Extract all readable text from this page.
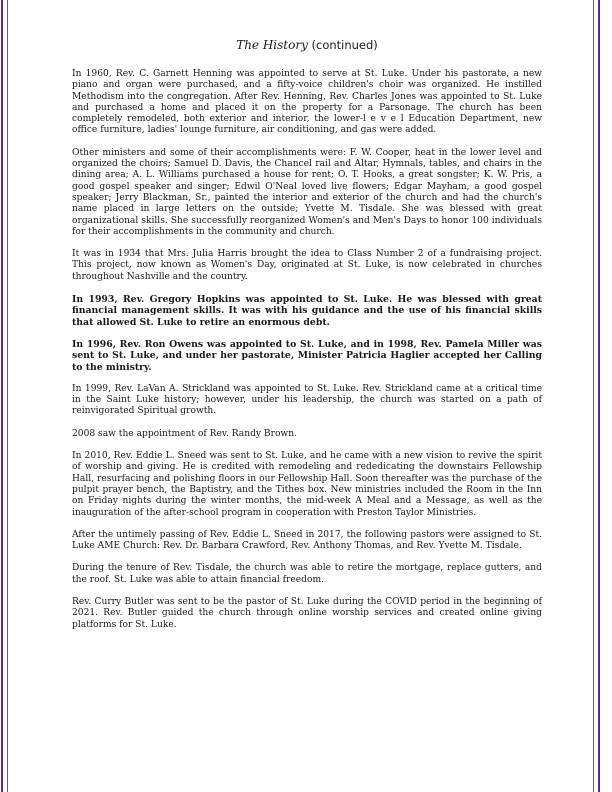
The History (continued)

In 1960, Rev. C. Garnett Henning was appointed to serve at St. Luke. Under his pastorate, a new piano and organ were purchased, and a fifty-voice children's choir was organized. He instilled Methodism into the congregation. After Rev. Henning, Rev. Charles Jones was appointed to St. Luke and purchased a home and placed it on the property for a Parsonage. The church has been completely remodeled, both exterior and interior, the lower-l e v e l Education Department, new office furniture, ladies' lounge furniture, air conditioning, and gas were added.

Other ministers and some of their accomplishments were: F. W. Cooper, heat in the lower level and organized the choirs; Samuel D. Davis, the Chancel rail and Altar, Hymnals, tables, and chairs in the dining area; A. L. Williams purchased a house for rent; O. T. Hooks, a great songster; K. W. Pris, a good gospel speaker and singer; Edwil O'Neal loved live flowers; Edgar Mayham, a good gospel speaker; Jerry Blackman, Sr., painted the interior and exterior of the church and had the church's name placed in large letters on the outside; Yvette M. Tisdale. She was blessed with great organizational skills. She successfully reorganized Women's and Men's Days to honor 100 individuals for their accomplishments in the community and church.

It was in 1934 that Mrs. Julia Harris brought the idea to Class Number 2 of a fundraising project. This project, now known as Women's Day, originated at St. Luke, is now celebrated in churches throughout Nashville and the country.

In 1993, Rev. Gregory Hopkins was appointed to St. Luke. He was blessed with great financial management skills. It was with his guidance and the use of his financial skills that allowed St. Luke to retire an enormous debt.

In 1996, Rev. Ron Owens was appointed to St. Luke, and in 1998, Rev. Pamela Miller was sent to St. Luke, and under her pastorate, Minister Patricia Haglier accepted her Calling to the ministry.

In 1999, Rev. LaVan A. Strickland was appointed to St. Luke. Rev. Strickland came at a critical time in the Saint Luke history; however, under his leadership, the church was started on a path of reinvigorated Spiritual growth.

2008 saw the appointment of Rev. Randy Brown.

In 2010, Rev. Eddie L. Sneed was sent to St. Luke, and he came with a new vision to revive the spirit of worship and giving. He is credited with remodeling and rededicating the downstairs Fellowship Hall, resurfacing and polishing floors in our Fellowship Hall. Soon thereafter was the purchase of the pulpit prayer bench, the Baptistry, and the Tithes box. New ministries included the Room in the Inn on Friday nights during the winter months, the mid-week A Meal and a Message, as well as the inauguration of the after-school program in cooperation with Preston Taylor Ministries.

After the untimely passing of Rev. Eddie L. Sneed in 2017, the following pastors were assigned to St. Luke AME Church: Rev. Dr. Barbara Crawford, Rev. Anthony Thomas, and Rev. Yvette M. Tisdale.

During the tenure of Rev. Tisdale, the church was able to retire the mortgage, replace gutters, and the roof. St. Luke was able to attain financial freedom.

Rev. Curry Butler was sent to be the pastor of St. Luke during the COVID period in the beginning of 2021. Rev. Butler guided the church through online worship services and created online giving platforms for St. Luke.
